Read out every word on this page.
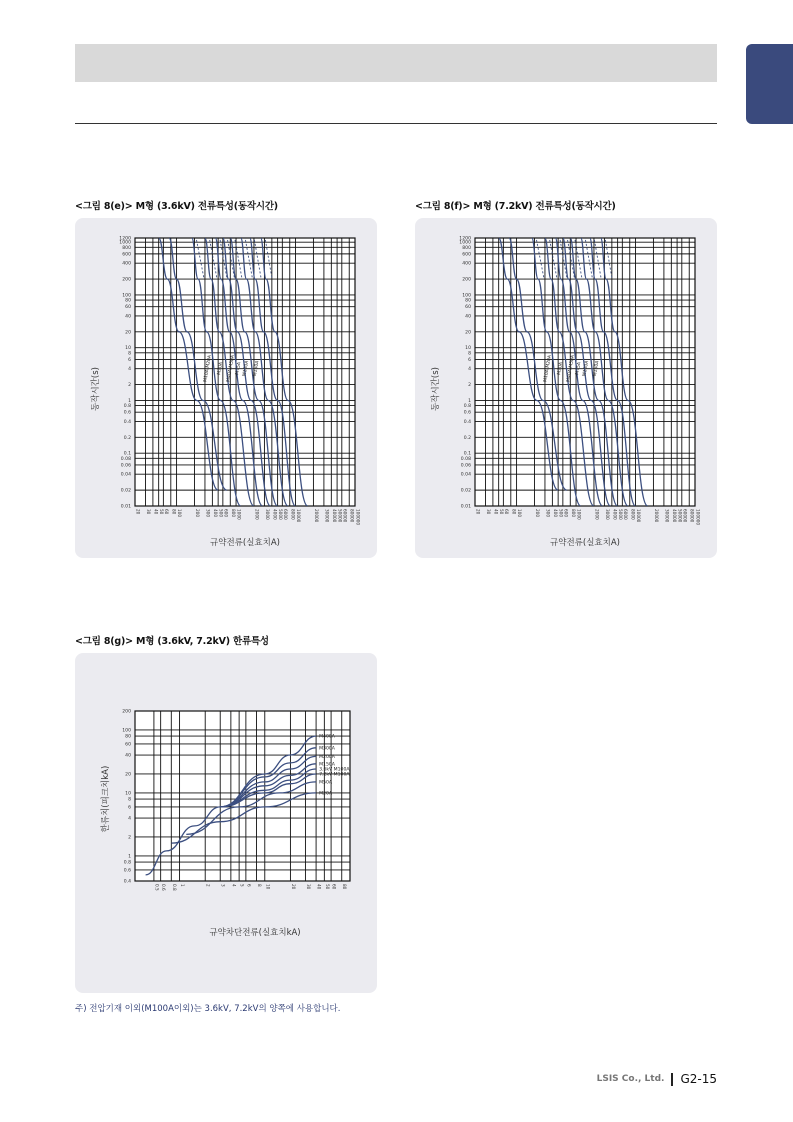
<그림 8(e)> M형 (3.6kV) 전류특성(동작시간)
20 30 40 50 60 80 100	200 300 400 500 600 800 1000	2000 3000 4000 5000 6000 8000 10000	20000 30000 40000 50000 60000 80000 100000
1200
1000
800
600
400
200
100
80
60
40
20
10
8
6
4
2
1
0.8
0.6
0.4
0.2
0.1
0.08
0.06
0.04
0.02
0.01
M10A M20A M30A M40A M50A M75A M100A M150A
동작시간(s)
규약전류(실효치A)
<그림 8(f)> M형 (7.2kV) 전류특성(동작시간)
20 30 40 50 60 80 100	200 300 400 500 600 800 1000	2000 3000 4000 5000 6000 8000 10000	20000 30000 40000 50000 60000 80000 100000
1200
1000
800
600
400
200
100
80
60
40
20
10
8
6
4
2
1
0.8
0.6
0.4
0.2
0.1
0.08
0.06
0.04
0.02
0.01
M10A M20A M30A M40A M50A M75A M100A M150A
동작시간(s)
규약전류(실효치A)
<그림 8(g)> M형 (3.6kV, 7.2kV) 한류특성
0.5 0.6 0.8 1	2 3 4 5 6 8 10	20 30 40 50 60 80
200
100
80
60
40
20
10
8
6
4
2
1
0.8
0.6
0.4
M400A
M300A
M200A
M150A
3.6kV M100A
7.2kV M100A
M50A
M20A
한류치(피크치kA)
규약차단전류(실효치kA)
주) 전압기재 이외(M100A이외)는 3.6kV, 7.2kV의 양쪽에 사용합니다.
LSIS Co., Ltd. G2-15
